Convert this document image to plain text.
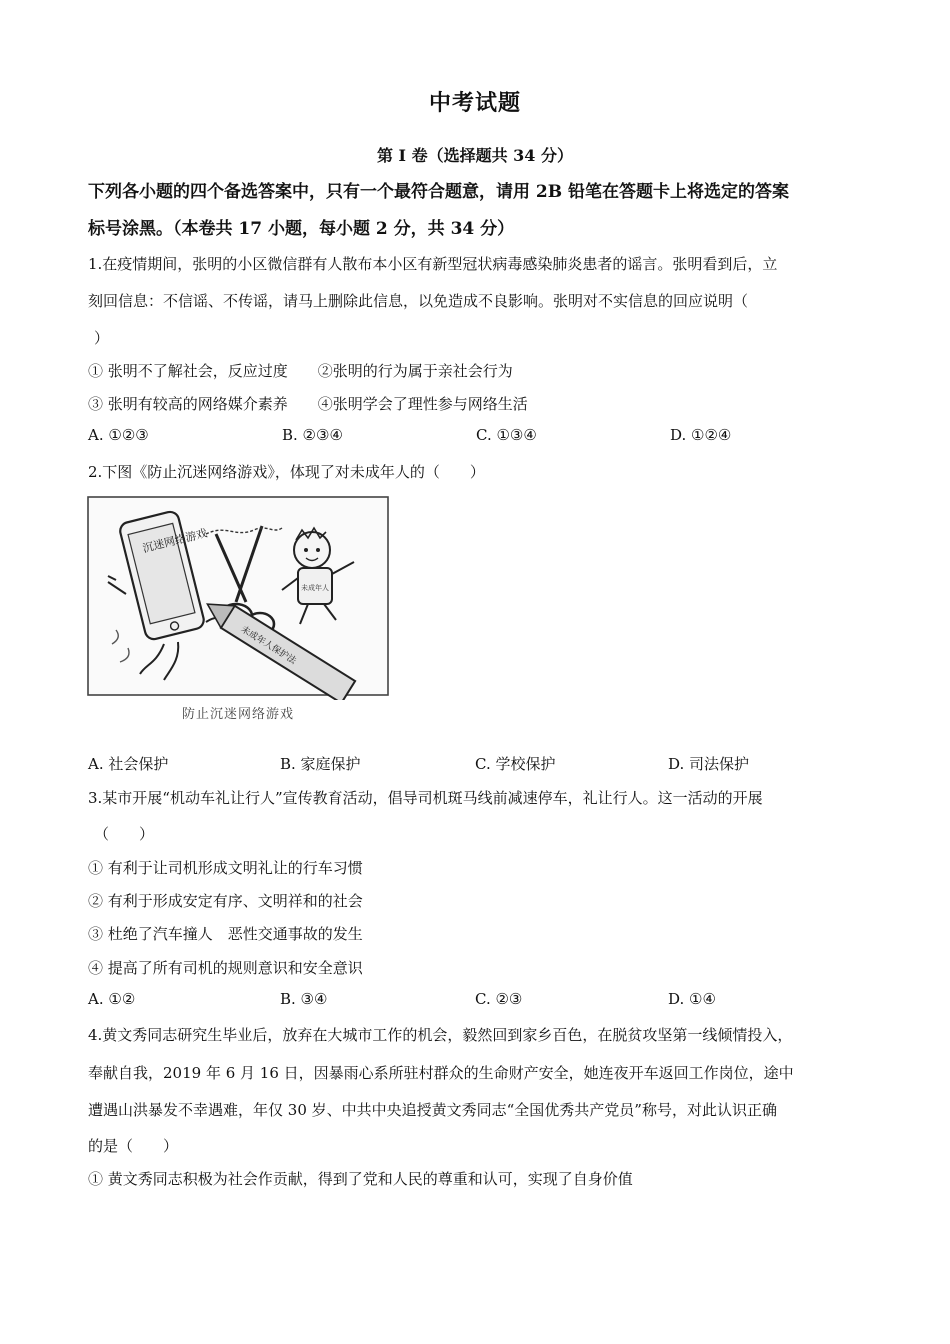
中考试题
第 I 卷（选择题共 34 分）
下列各小题的四个备选答案中，只有一个最符合题意，请用 2B 铅笔在答题卡上将选定的答案
标号涂黑。（本卷共 17 小题，每小题 2 分，共 34 分）
1.在疫情期间，张明的小区微信群有人散布本小区有新型冠状病毒感染肺炎患者的谣言。张明看到后，立
刻回信息：不信谣、不传谣，请马上删除此信息，以免造成不良影响。张明对不实信息的回应说明（
）
① 张明不了解社会，反应过度　　②张明的行为属于亲社会行为
③ 张明有较高的网络媒介素养　　④张明学会了理性参与网络生活
A. ①②③	B. ②③④	C. ①③④	D. ①②④
2.下图《防止沉迷网络游戏》，体现了对未成年人的（　　）
沉迷网络游戏
未成年人
未成年人保护法
防止沉迷网络游戏
A. 社会保护	B. 家庭保护	C. 学校保护	D. 司法保护
3.某市开展“机动车礼让行人”宣传教育活动，倡导司机斑马线前减速停车，礼让行人。这一活动的开展
（　　）
① 有利于让司机形成文明礼让的行车习惯
② 有利于形成安定有序、文明祥和的社会
③ 杜绝了汽车撞人　恶性交通事故的发生
④ 提高了所有司机的规则意识和安全意识
A. ①②	B. ③④	C. ②③	D. ①④
4.黄文秀同志研究生毕业后，放弃在大城市工作的机会，毅然回到家乡百色，在脱贫攻坚第一线倾情投入，
奉献自我，2019 年 6 月 16 日，因暴雨心系所驻村群众的生命财产安全，她连夜开车返回工作岗位，途中
遭遇山洪暴发不幸遇难，年仅 30 岁、中共中央追授黄文秀同志“全国优秀共产党员”称号，对此认识正确
的是（　　）
① 黄文秀同志积极为社会作贡献，得到了党和人民的尊重和认可，实现了自身价值
